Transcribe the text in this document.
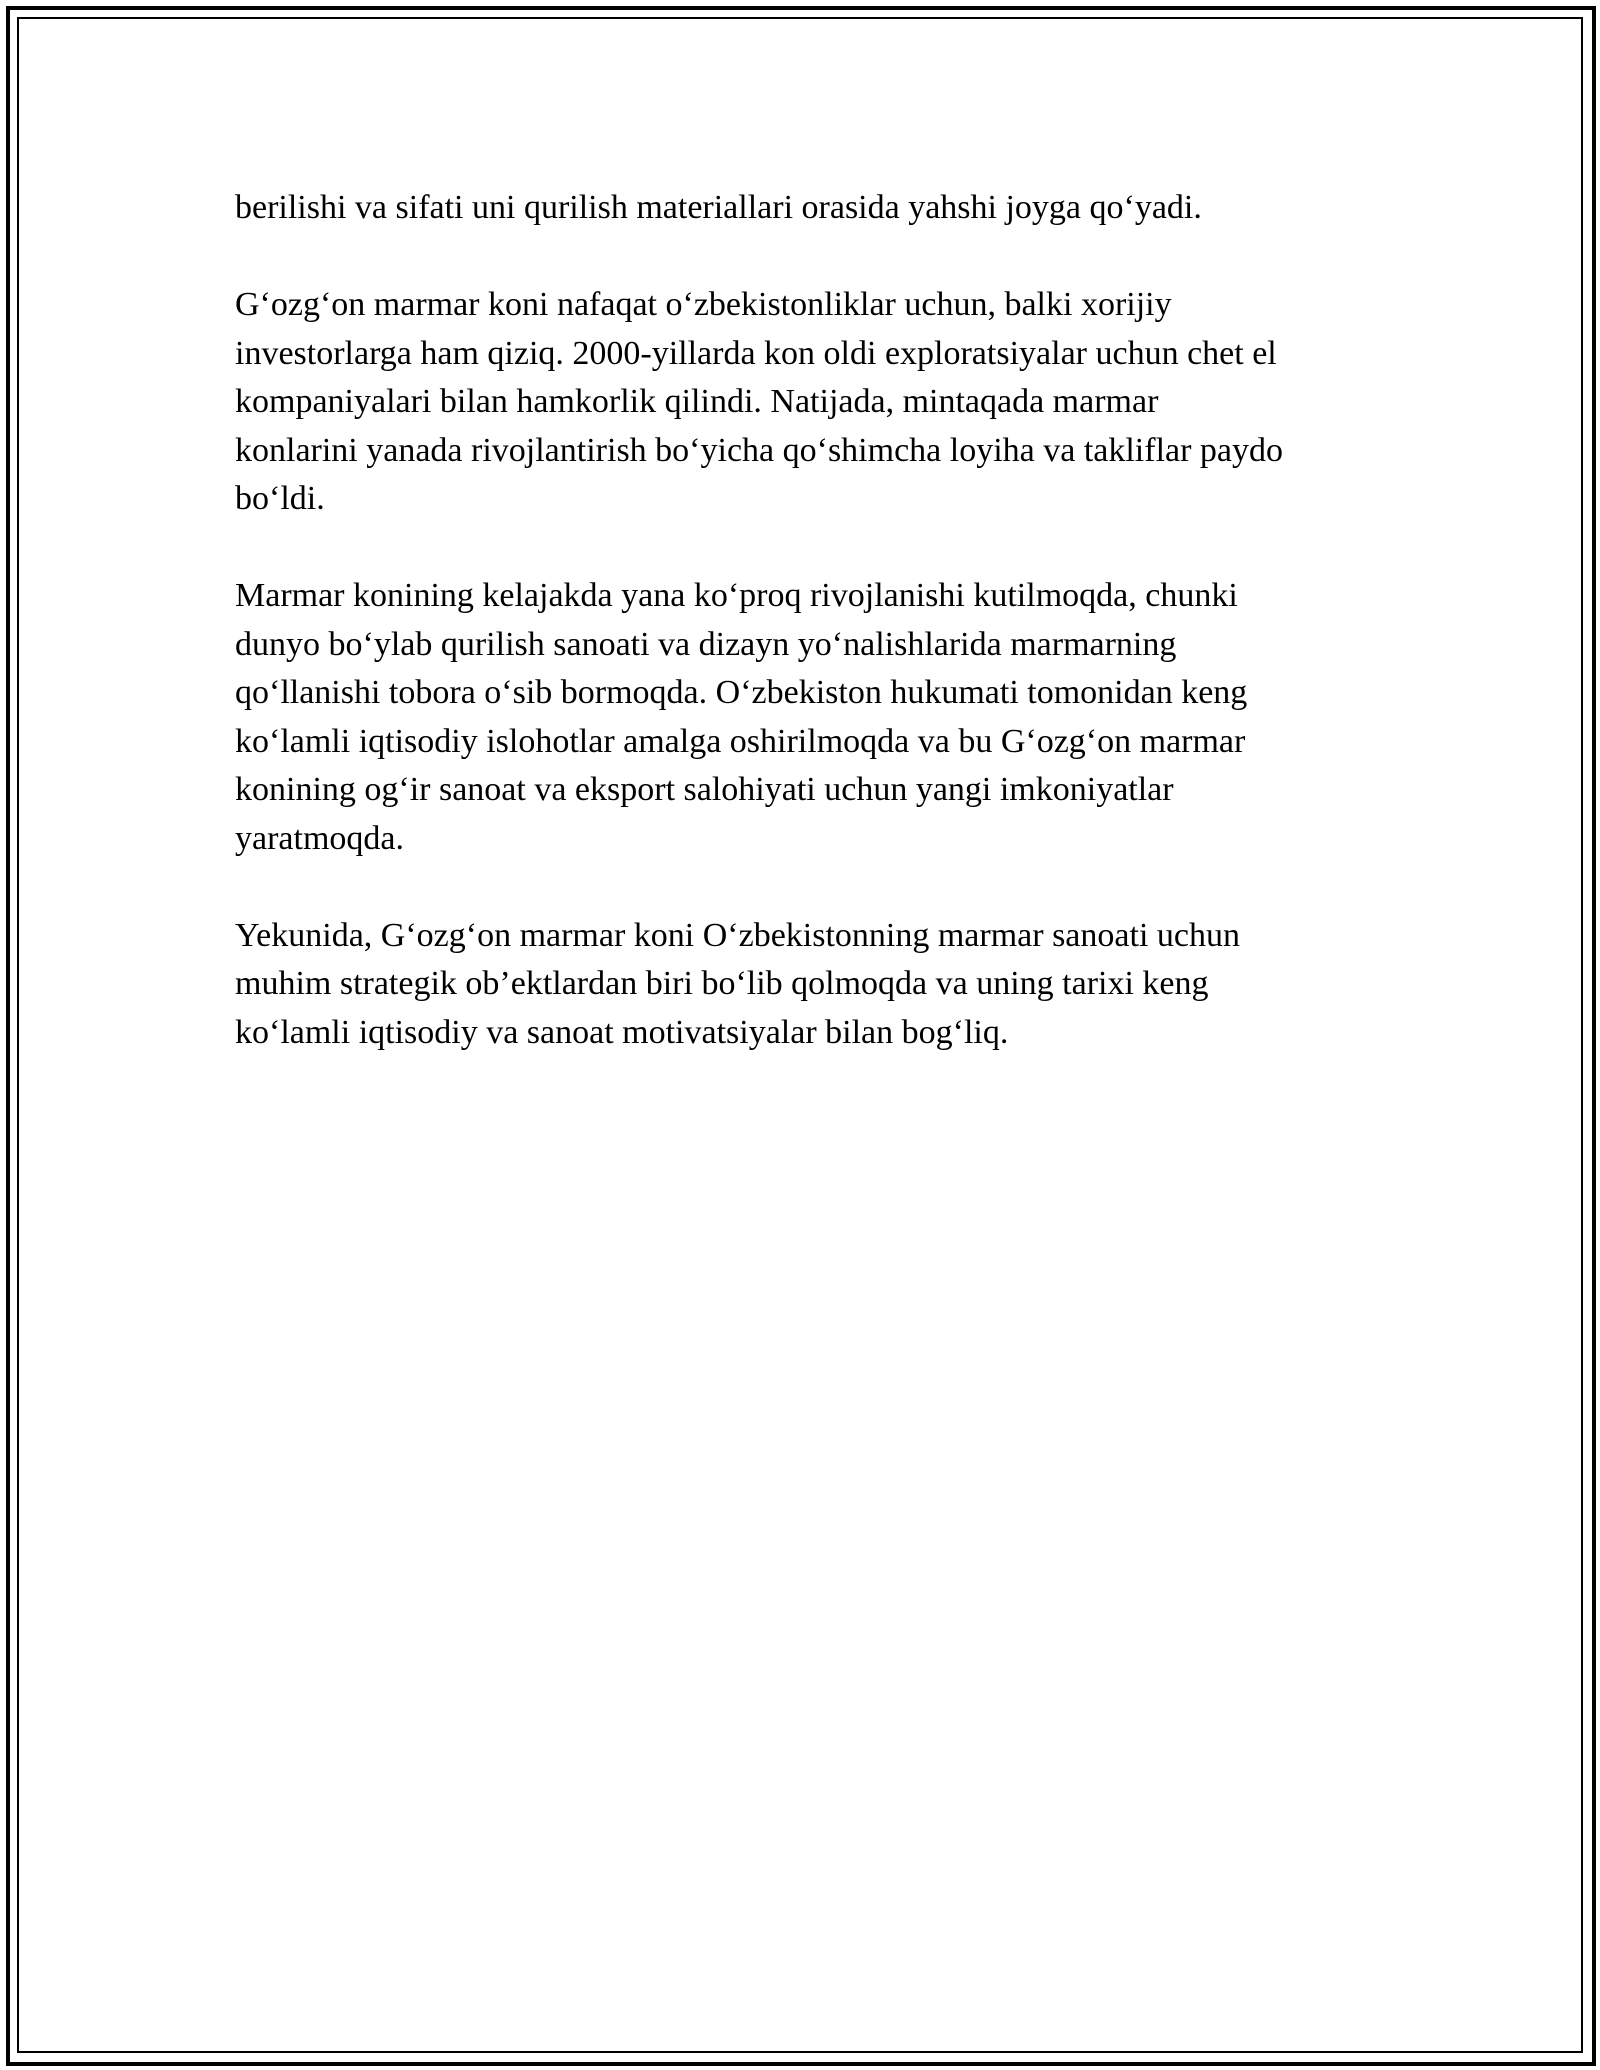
berilishi va sifati uni qurilish materiallari orasida yahshi joyga qo‘yadi.

G‘ozg‘on marmar koni nafaqat o‘zbekistonliklar uchun, balki xorijiy
investorlarga ham qiziq. 2000-yillarda kon oldi exploratsiyalar uchun chet el
kompaniyalari bilan hamkorlik qilindi. Natijada, mintaqada marmar
konlarini yanada rivojlantirish bo‘yicha qo‘shimcha loyiha va takliflar paydo
bo‘ldi.

Marmar konining kelajakda yana ko‘proq rivojlanishi kutilmoqda, chunki
dunyo bo‘ylab qurilish sanoati va dizayn yo‘nalishlarida marmarning
qo‘llanishi tobora o‘sib bormoqda. O‘zbekiston hukumati tomonidan keng
ko‘lamli iqtisodiy islohotlar amalga oshirilmoqda va bu G‘ozg‘on marmar
konining og‘ir sanoat va eksport salohiyati uchun yangi imkoniyatlar
yaratmoqda.

Yekunida, G‘ozg‘on marmar koni O‘zbekistonning marmar sanoati uchun
muhim strategik ob’ektlardan biri bo‘lib qolmoqda va uning tarixi keng
ko‘lamli iqtisodiy va sanoat motivatsiyalar bilan bog‘liq.
